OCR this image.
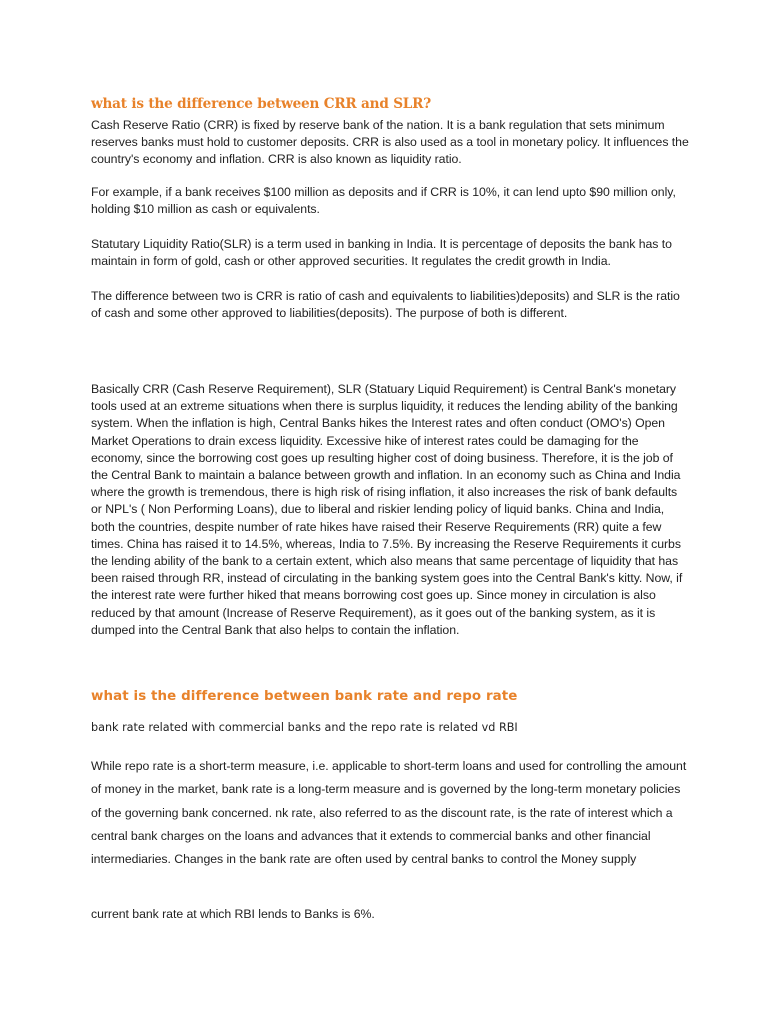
what is the difference between CRR and SLR?

Cash Reserve Ratio (CRR) is fixed by reserve bank of the nation. It is a bank regulation that sets minimum reserves banks must hold to customer deposits. CRR is also used as a tool in monetary policy. It influences the country's economy and inflation. CRR is also known as liquidity ratio.

For example, if a bank receives $100 million as deposits and if CRR is 10%, it can lend upto $90 million only, holding $10 million as cash or equivalents.

Statutary Liquidity Ratio(SLR) is a term used in banking in India. It is percentage of deposits the bank has to maintain in form of gold, cash or other approved securities. It regulates the credit growth in India.

The difference between two is CRR is ratio of cash and equivalents to liabilities)deposits) and SLR is the ratio of cash and some other approved to liabilities(deposits). The purpose of both is different.

Basically CRR (Cash Reserve Requirement), SLR (Statuary Liquid Requirement) is Central Bank's monetary tools used at an extreme situations when there is surplus liquidity, it reduces the lending ability of the banking system. When the inflation is high, Central Banks hikes the Interest rates and often conduct (OMO's) Open Market Operations to drain excess liquidity. Excessive hike of interest rates could be damaging for the economy, since the borrowing cost goes up resulting higher cost of doing business. Therefore, it is the job of the Central Bank to maintain a balance between growth and inflation. In an economy such as China and India where the growth is tremendous, there is high risk of rising inflation, it also increases the risk of bank defaults or NPL's ( Non Performing Loans), due to liberal and riskier lending policy of liquid banks. China and India, both the countries, despite number of rate hikes have raised their Reserve Requirements (RR) quite a few times. China has raised it to 14.5%, whereas, India to 7.5%. By increasing the Reserve Requirements it curbs the lending ability of the bank to a certain extent, which also means that same percentage of liquidity that has been raised through RR, instead of circulating in the banking system goes into the Central Bank's kitty. Now, if the interest rate were further hiked that means borrowing cost goes up. Since money in circulation is also reduced by that amount (Increase of Reserve Requirement), as it goes out of the banking system, as it is dumped into the Central Bank that also helps to contain the inflation.

what is the difference between bank rate and repo rate

bank rate related with commercial banks and the repo rate is related vd RBI

While repo rate is a short-term measure, i.e. applicable to short-term loans and used for controlling the amount of money in the market, bank rate is a long-term measure and is governed by the long-term monetary policies of the governing bank concerned. nk rate, also referred to as the discount rate, is the rate of interest which a central bank charges on the loans and advances that it extends to commercial banks and other financial intermediaries. Changes in the bank rate are often used by central banks to control the Money supply

current bank rate at which RBI lends to Banks is 6%.
